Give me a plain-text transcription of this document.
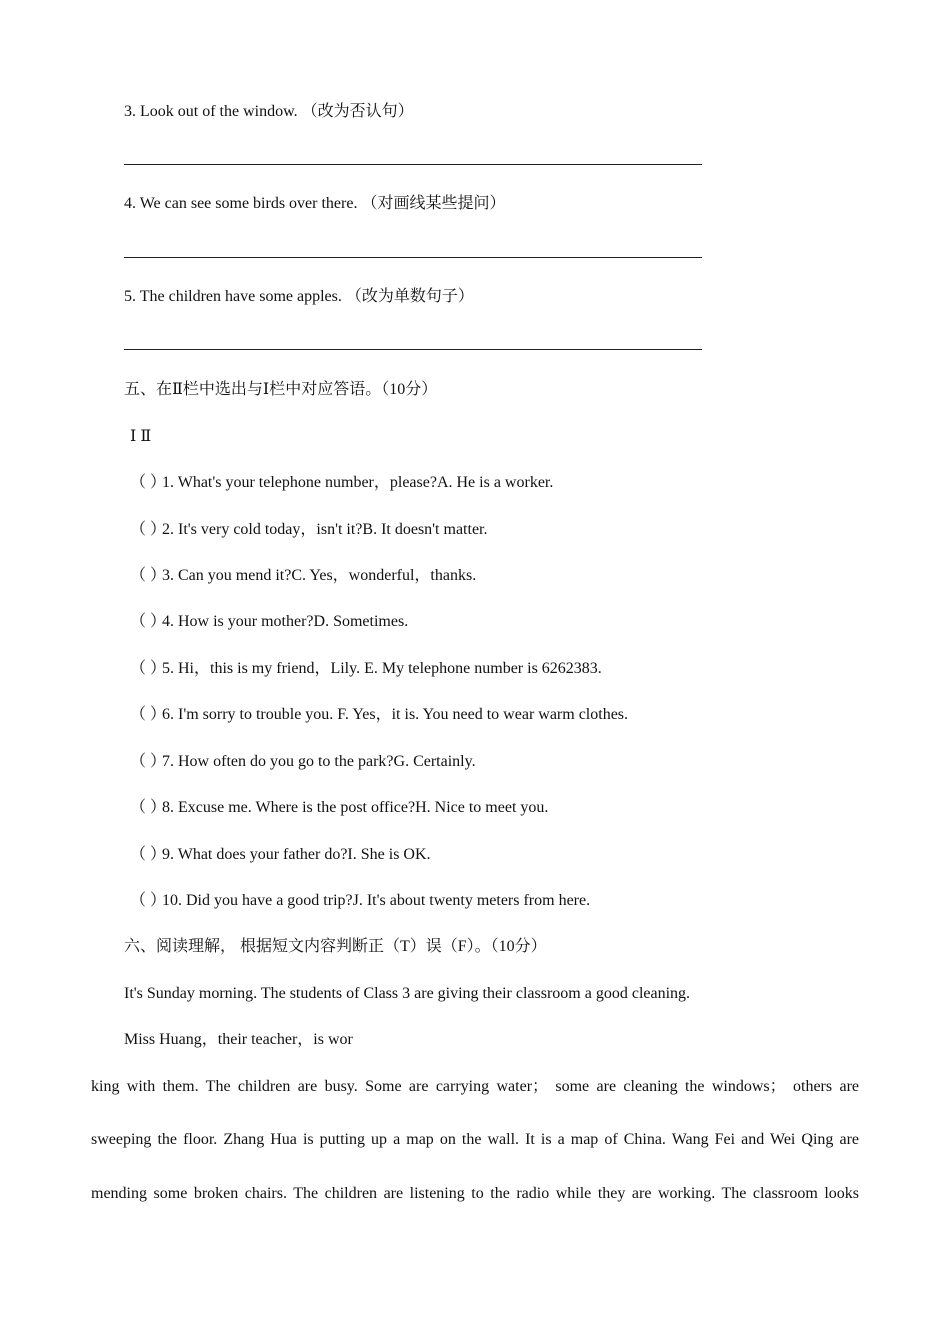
3. Look out of the window. （改为否认句）
4. We can see some birds over there. （对画线某些提问）
5. The children have some apples. （改为单数句子）
五、在Ⅱ栏中选出与Ⅰ栏中对应答语。（10分）
Ⅰ Ⅱ
（ ）1. What's your telephone number，please?A. He is a worker.
（ ）2. It's very cold today，isn't it?B. It doesn't matter.
（ ）3. Can you mend it?C. Yes，wonderful，thanks.
（ ）4. How is your mother?D. Sometimes.
（ ）5. Hi，this is my friend，Lily. E. My telephone number is 6262383.
（ ）6. I'm sorry to trouble you. F. Yes，it is. You need to wear warm clothes.
（ ）7. How often do you go to the park?G. Certainly.
（ ）8. Excuse me. Where is the post office?H. Nice to meet you.
（ ）9. What does your father do?I. She is OK.
（ ）10. Did you have a good trip?J. It's about twenty meters from here.
六、阅读理解， 根据短文内容判断正（T）误（F）。（10分）
It's Sunday morning. The students of Class 3 are giving their classroom a good cleaning.
Miss Huang，their teacher，is wor
king with them. The children are busy. Some are carrying water； some are cleaning the windows； others are
sweeping the floor. Zhang Hua is putting up a map on the wall. It is a map of China. Wang Fei and Wei Qing are
mending some broken chairs. The children are listening to the radio while they are working. The classroom looks
